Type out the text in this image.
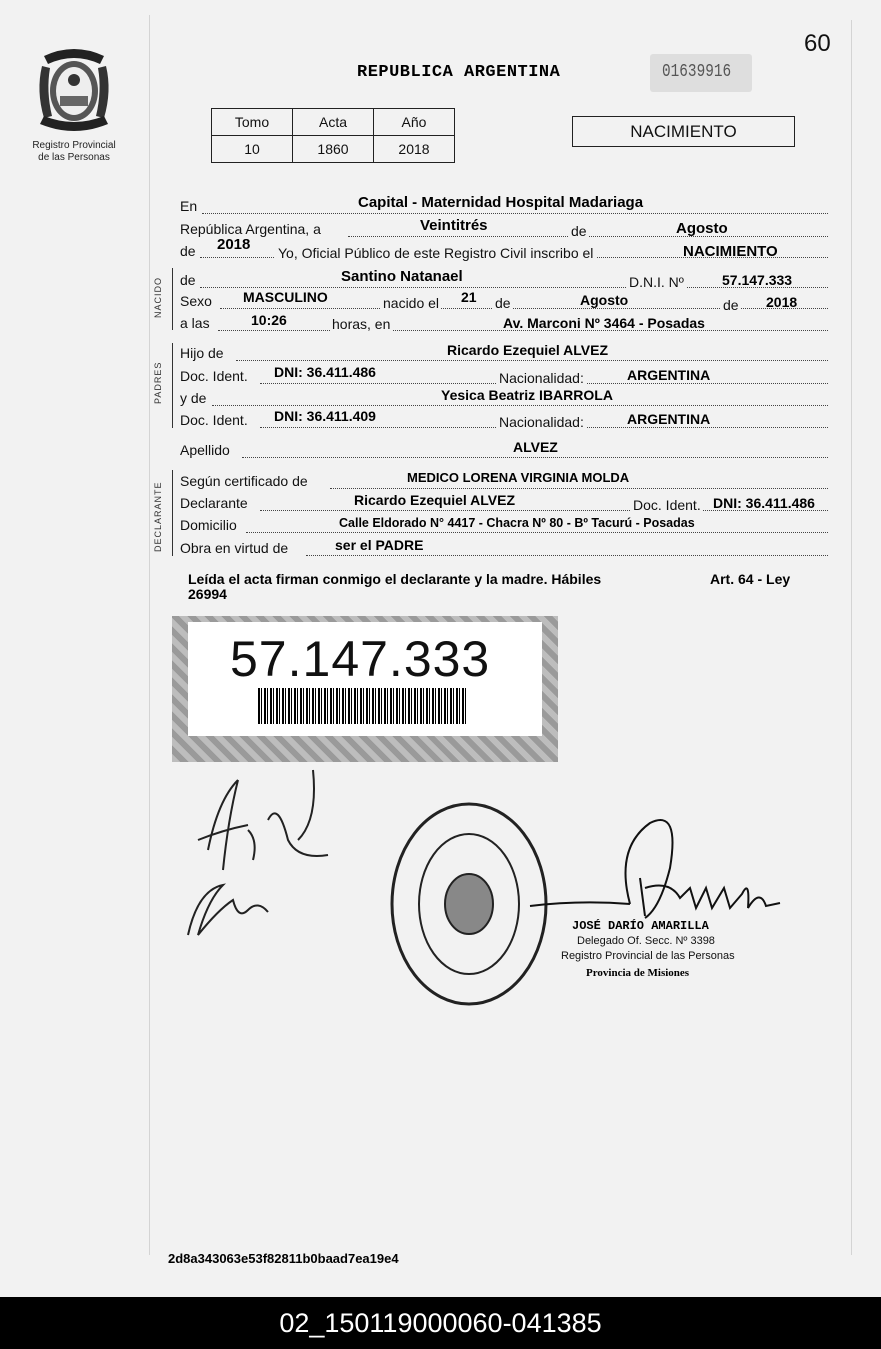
Registro Provincial
de las Personas
60
REPUBLICA ARGENTINA	01639916
Tomo	Acta	Año
10	1860	2018
NACIMIENTO
En	Capital - Maternidad Hospital Madariaga
República Argentina, a	Veintitrés	de	Agosto
de 2018 Yo, Oficial Público de este Registro Civil inscribo el	NACIMIENTO
NACIDO de	Santino Natanael	D.N.I. Nº	57.147.333
Sexo MASCULINO	nacido el 21 de	Agosto	de 2018
a las	10:26	horas, en	Av. Marconi Nº 3464 - Posadas
PADRES
Hijo de	Ricardo Ezequiel ALVEZ
Doc. Ident. DNI: 36.411.486	Nacionalidad:	ARGENTINA
y de	Yesica Beatriz IBARROLA
Doc. Ident. DNI: 36.411.409	Nacionalidad:	ARGENTINA
Apellido	ALVEZ
DECLARANTE
Según certificado de	MEDICO LORENA VIRGINIA MOLDA
Declarante	Ricardo Ezequiel ALVEZ	Doc. Ident. DNI: 36.411.486
Domicilio	Calle Eldorado N° 4417 - Chacra Nº 80 - Bº Tacurú - Posadas
Obra en virtud de	ser el PADRE
Leída el acta firman conmigo el declarante y la madre. Hábiles	Art. 64 - Ley
26994
57.147.333
JOSÉ DARÍO AMARILLA
Delegado Of. Secc. Nº 3398
Registro Provincial de las Personas
Provincia de Misiones
2d8a343063e53f82811b0baad7ea19e4
02_150119000060-041385
